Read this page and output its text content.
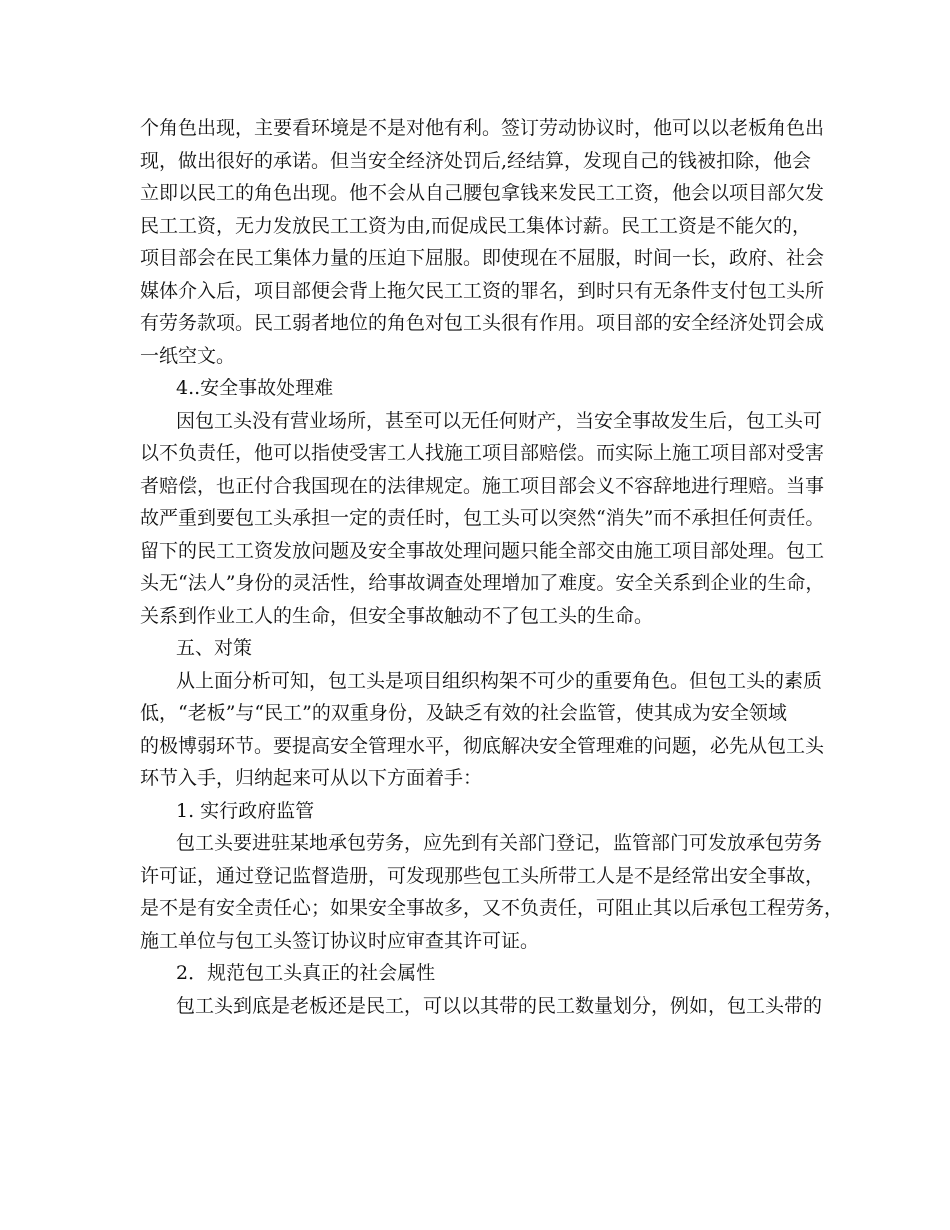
个角色出现，主要看环境是不是对他有利。签订劳动协议时，他可以以老板角色出
现，做出很好的承诺。但当安全经济处罚后,经结算，发现自己的钱被扣除，他会
立即以民工的角色出现。他不会从自己腰包拿钱来发民工工资，他会以项目部欠发
民工工资，无力发放民工工资为由,而促成民工集体讨薪。民工工资是不能欠的，
项目部会在民工集体力量的压迫下屈服。即使现在不屈服，时间一长，政府、社会
媒体介入后，项目部便会背上拖欠民工工资的罪名，到时只有无条件支付包工头所
有劳务款项。民工弱者地位的角色对包工头很有作用。项目部的安全经济处罚会成
一纸空文。
4..安全事故处理难
因包工头没有营业场所，甚至可以无任何财产，当安全事故发生后，包工头可
以不负责任，他可以指使受害工人找施工项目部赔偿。而实际上施工项目部对受害
者赔偿，也正付合我国现在的法律规定。施工项目部会义不容辞地进行理赔。当事
故严重到要包工头承担一定的责任时，包工头可以突然“消失”而不承担任何责任。
留下的民工工资发放问题及安全事故处理问题只能全部交由施工项目部处理。包工
头无“法人”身份的灵活性，给事故调查处理增加了难度。安全关系到企业的生命，
关系到作业工人的生命，但安全事故触动不了包工头的生命。
五、对策
从上面分析可知，包工头是项目组织构架不可少的重要角色。但包工头的素质
低，“老板”与“民工”的双重身份，及缺乏有效的社会监管，使其成为安全领域
的极博弱环节。要提高安全管理水平，彻底解决安全管理难的问题，必先从包工头
环节入手，归纳起来可从以下方面着手：
1. 实行政府监管
包工头要进驻某地承包劳务，应先到有关部门登记，监管部门可发放承包劳务
许可证，通过登记监督造册，可发现那些包工头所带工人是不是经常出安全事故，
是不是有安全责任心；如果安全事故多，又不负责任，可阻止其以后承包工程劳务，
施工单位与包工头签订协议时应审查其许可证。
2．规范包工头真正的社会属性
包工头到底是老板还是民工，可以以其带的民工数量划分，例如，包工头带的
